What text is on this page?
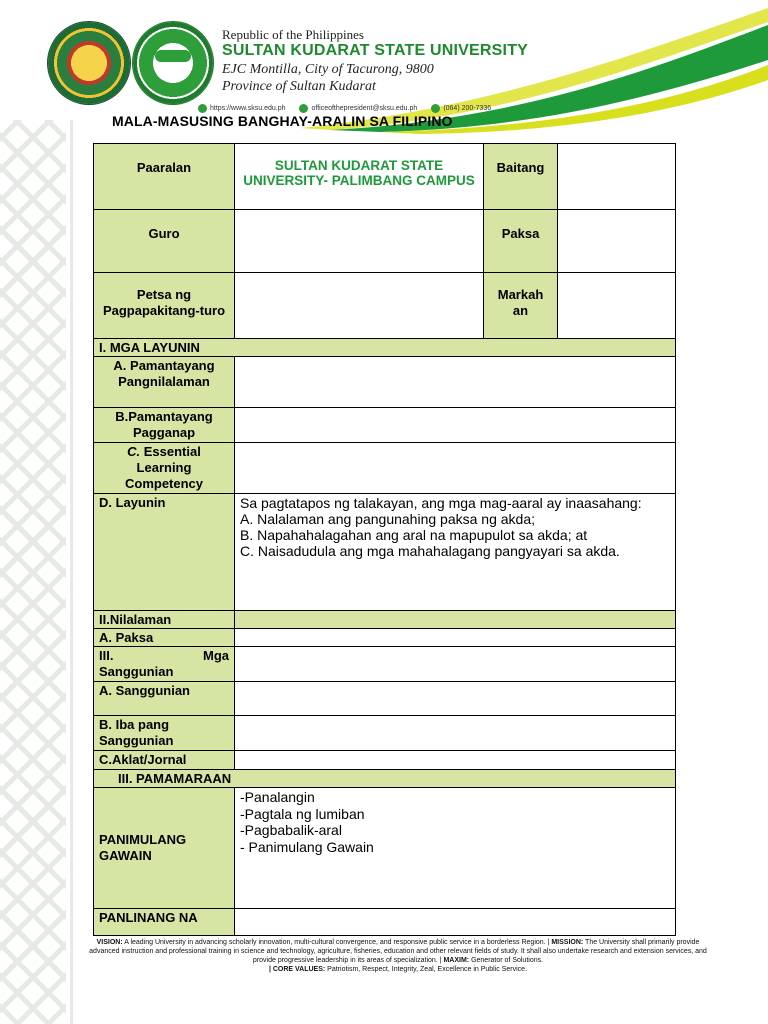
Republic of the Philippines
SULTAN KUDARAT STATE UNIVERSITY
EJC Montilla, City of Tacurong, 9800
Province of Sultan Kudarat
https://www.sksu.edu.ph	officeofthepresident@sksu.edu.ph	(064) 200-7336
MALA-MASUSING BANGHAY-ARALIN SA FILIPINO
Paaralan	SULTAN KUDARAT STATE UNIVERSITY- PALIMBANG CAMPUS	Baitang	
Guro		Paksa	
Petsa ng Pagpapakitang-turo		Markah an	
I. MGA LAYUNIN			
A. Pamantayang Pangnilalaman			
B.Pamantayang Pagganap			
C. Essential Learning Competency			
D. Layunin	Sa pagtatapos ng talakayan, ang mga mag-aaral ay inaasahang:
A. Nalalaman ang pangunahing paksa ng akda;
B. Napahahalagahan ang aral na mapupulot sa akda; at
C. Naisadudula ang mga mahahalagang pangyayari sa akda.		

II.Nilalaman			
A. Paksa			

III. Mga
Sanggunian			

A. Sanggunian			
B. Iba pang Sanggunian			
C.Aklat/Jornal			
III. PAMAMARAAN			
PANIMULANG GAWAIN	-Panalangin
-Pagtala ng lumiban
-Pagbabalik-aral
- Panimulang Gawain		

PANLINANG NA			
VISION: A leading University in advancing scholarly innovation, multi-cultural convergence, and responsive public service in a borderless Region. | MISSION: The University shall primarily provide advanced instruction and professional training in science and technology, agriculture, fisheries, education and other relevant fields of study. It shall also undertake research and extension services, and provide progressive leadership in its areas of specialization. | MAXIM: Generator of Solutions.
| CORE VALUES: Patriotism, Respect, Integrity, Zeal, Excellence in Public Service.
